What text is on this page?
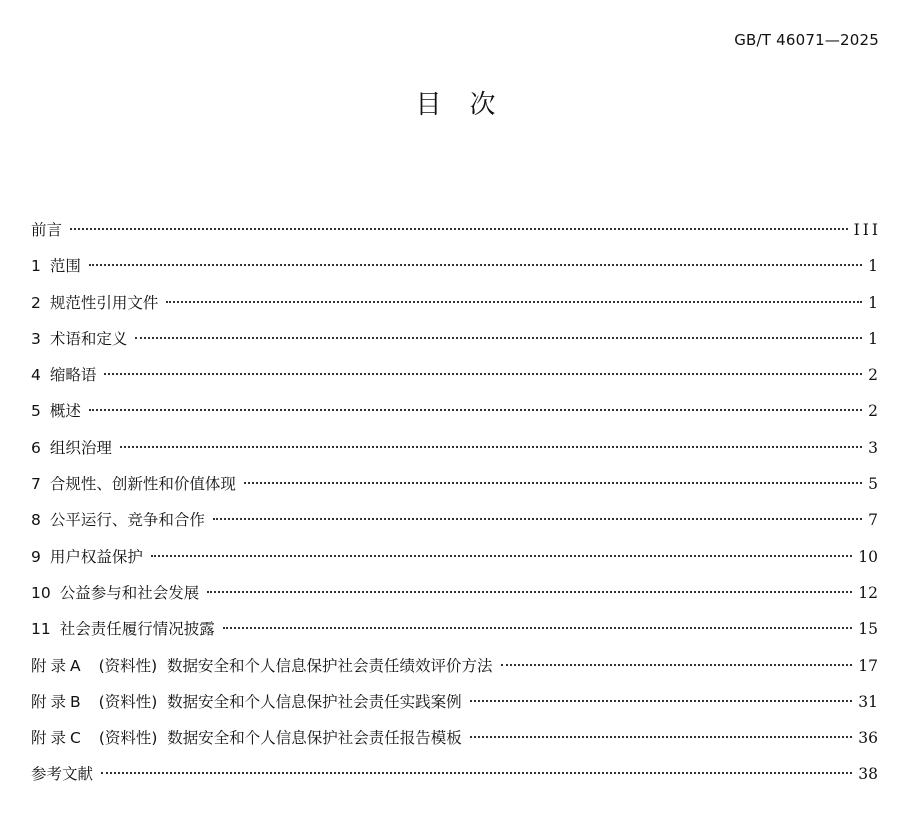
GB/T 46071—2025
目次
前言	III
1 范围	1
2 规范性引用文件	1
3 术语和定义	1
4 缩略语	2
5 概述	2
6 组织治理	3
7 合规性、创新性和价值体现	5
8 公平运行、竞争和合作	7
9 用户权益保护	10
10 公益参与和社会发展	12
11 社会责任履行情况披露	15
附录A (资料性)  数据安全和个人信息保护社会责任绩效评价方法	17
附录B (资料性)  数据安全和个人信息保护社会责任实践案例	31
附录C (资料性)  数据安全和个人信息保护社会责任报告模板	36
参考文献	38
